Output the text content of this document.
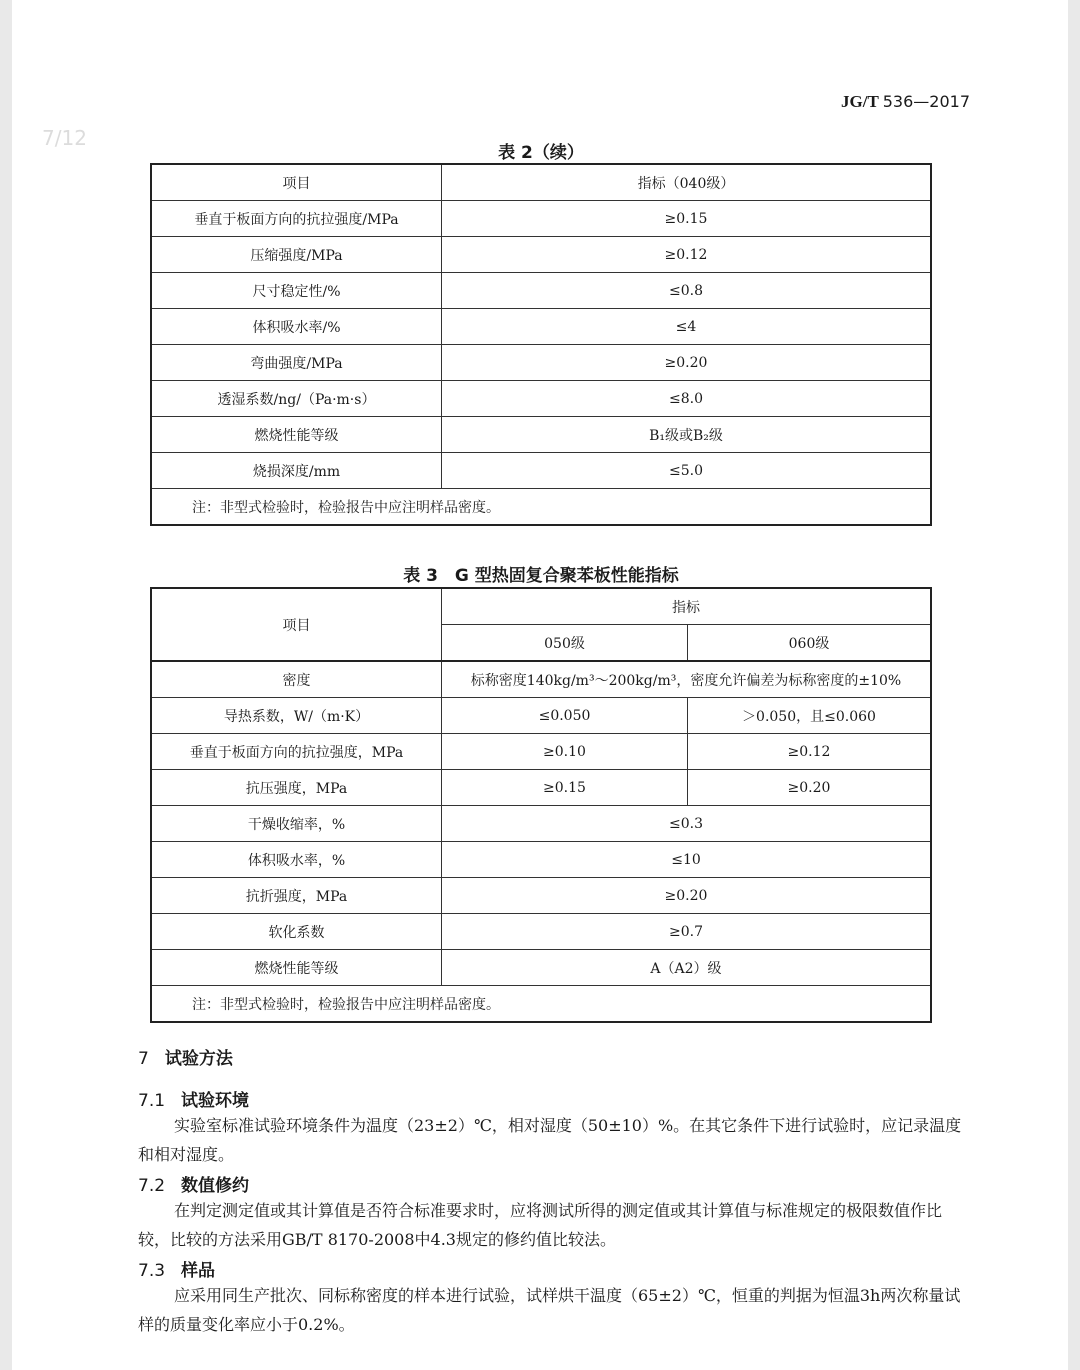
7/12
JG/T 536—2017
表 2（续）
项目	指标（040级）
垂直于板面方向的抗拉强度/MPa	≥0.15
压缩强度/MPa	≥0.12
尺寸稳定性/%	≤0.8
体积吸水率/%	≤4
弯曲强度/MPa	≥0.20
透湿系数/ng/（Pa·m·s）	≤8.0
燃烧性能等级	B₁级或B₂级
烧损深度/mm	≤5.0
注：非型式检验时，检验报告中应注明样品密度。	
表 3　G 型热固复合聚苯板性能指标
项目	指标	
	050级	060级
密度	标称密度140kg/m³～200kg/m³，密度允许偏差为标称密度的±10%	
导热系数，W/（m·K）	≤0.050	＞0.050，且≤0.060
垂直于板面方向的抗拉强度，MPa	≥0.10	≥0.12
抗压强度，MPa	≥0.15	≥0.20
干燥收缩率，%	≤0.3	
体积吸水率，%	≤10	
抗折强度，MPa	≥0.20	
软化系数	≥0.7	
燃烧性能等级	A（A2）级	
注：非型式检验时，检验报告中应注明样品密度。		
7 试验方法
7.1 试验环境
实验室标准试验环境条件为温度（23±2）℃，相对湿度（50±10）%。在其它条件下进行试验时，应记录温度和相对湿度。
7.2 数值修约
在判定测定值或其计算值是否符合标准要求时，应将测试所得的测定值或其计算值与标准规定的极限数值作比较，比较的方法采用GB/T 8170-2008中4.3规定的修约值比较法。
7.3 样品
应采用同生产批次、同标称密度的样本进行试验，试样烘干温度（65±2）℃，恒重的判据为恒温3h两次称量试样的质量变化率应小于0.2%。
